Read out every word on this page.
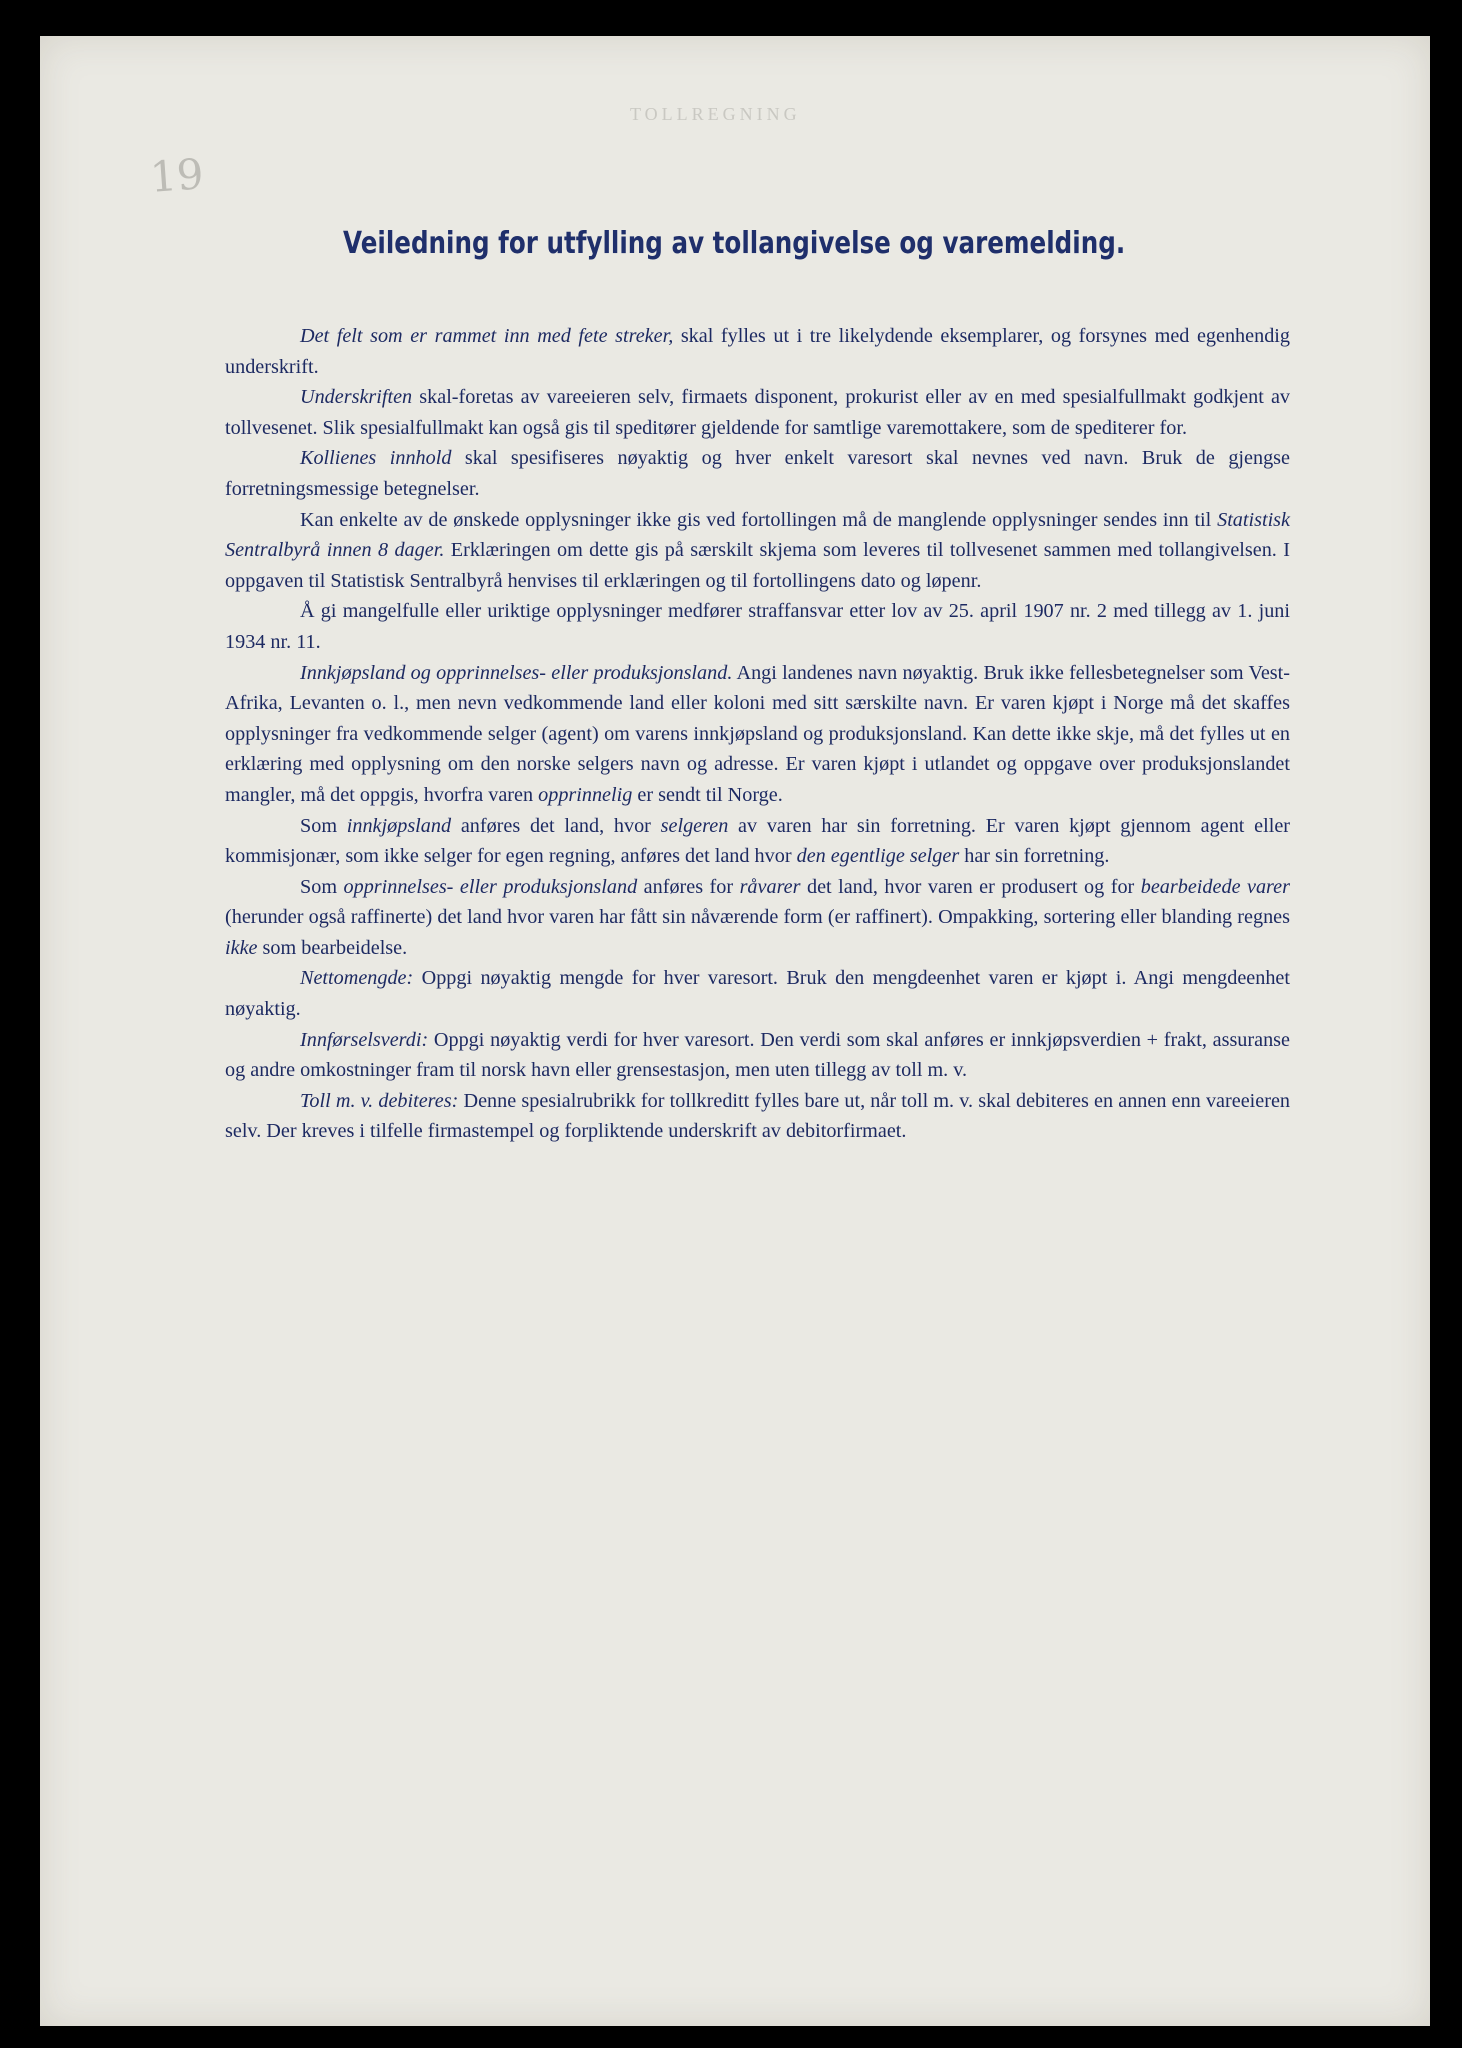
TOLLREGNING
19
Veiledning for utfylling av tollangivelse og varemelding.

Det felt som er rammet inn med fete streker, skal fylles ut i tre likelydende eksemplarer, og forsynes med egenhendig underskrift.

Underskriften skal-foretas av vareeieren selv, firmaets disponent, prokurist eller av en med spesialfullmakt godkjent av tollvesenet. Slik spesialfullmakt kan også gis til speditører gjeldende for samtlige varemottakere, som de spediterer for.

Kollienes innhold skal spesifiseres nøyaktig og hver enkelt varesort skal nevnes ved navn. Bruk de gjengse forretningsmessige betegnelser.

Kan enkelte av de ønskede opplysninger ikke gis ved fortollingen må de manglende opplysninger sendes inn til Statistisk Sentralbyrå innen 8 dager. Erklæringen om dette gis på særskilt skjema som leveres til tollvesenet sammen med tollangivelsen. I oppgaven til Statistisk Sentralbyrå henvises til erklæringen og til fortollingens dato og løpenr.

Å gi mangelfulle eller uriktige opplysninger medfører straffansvar etter lov av 25. april 1907 nr. 2 med tillegg av 1. juni 1934 nr. 11.

Innkjøpsland og opprinnelses- eller produksjonsland. Angi landenes navn nøyaktig. Bruk ikke fellesbetegnelser som Vest-Afrika, Levanten o. l., men nevn vedkommende land eller koloni med sitt særskilte navn. Er varen kjøpt i Norge må det skaffes opplysninger fra vedkommende selger (agent) om varens innkjøpsland og produksjonsland. Kan dette ikke skje, må det fylles ut en erklæring med opplysning om den norske selgers navn og adresse. Er varen kjøpt i utlandet og oppgave over produksjonslandet mangler, må det oppgis, hvorfra varen opprinnelig er sendt til Norge.

Som innkjøpsland anføres det land, hvor selgeren av varen har sin forretning. Er varen kjøpt gjennom agent eller kommisjonær, som ikke selger for egen regning, anføres det land hvor den egentlige selger har sin forretning.

Som opprinnelses- eller produksjonsland anføres for råvarer det land, hvor varen er produsert og for bearbeidede varer (herunder også raffinerte) det land hvor varen har fått sin nåværende form (er raffinert). Ompakking, sortering eller blanding regnes ikke som bearbeidelse.

Nettomengde: Oppgi nøyaktig mengde for hver varesort. Bruk den mengdeenhet varen er kjøpt i. Angi mengdeenhet nøyaktig.

Innførselsverdi: Oppgi nøyaktig verdi for hver varesort. Den verdi som skal anføres er innkjøpsverdien + frakt, assuranse og andre omkostninger fram til norsk havn eller grensestasjon, men uten tillegg av toll m. v.

Toll m. v. debiteres: Denne spesialrubrikk for tollkreditt fylles bare ut, når toll m. v. skal debiteres en annen enn vareeieren selv. Der kreves i tilfelle firmastempel og forpliktende underskrift av debitorfirmaet.
